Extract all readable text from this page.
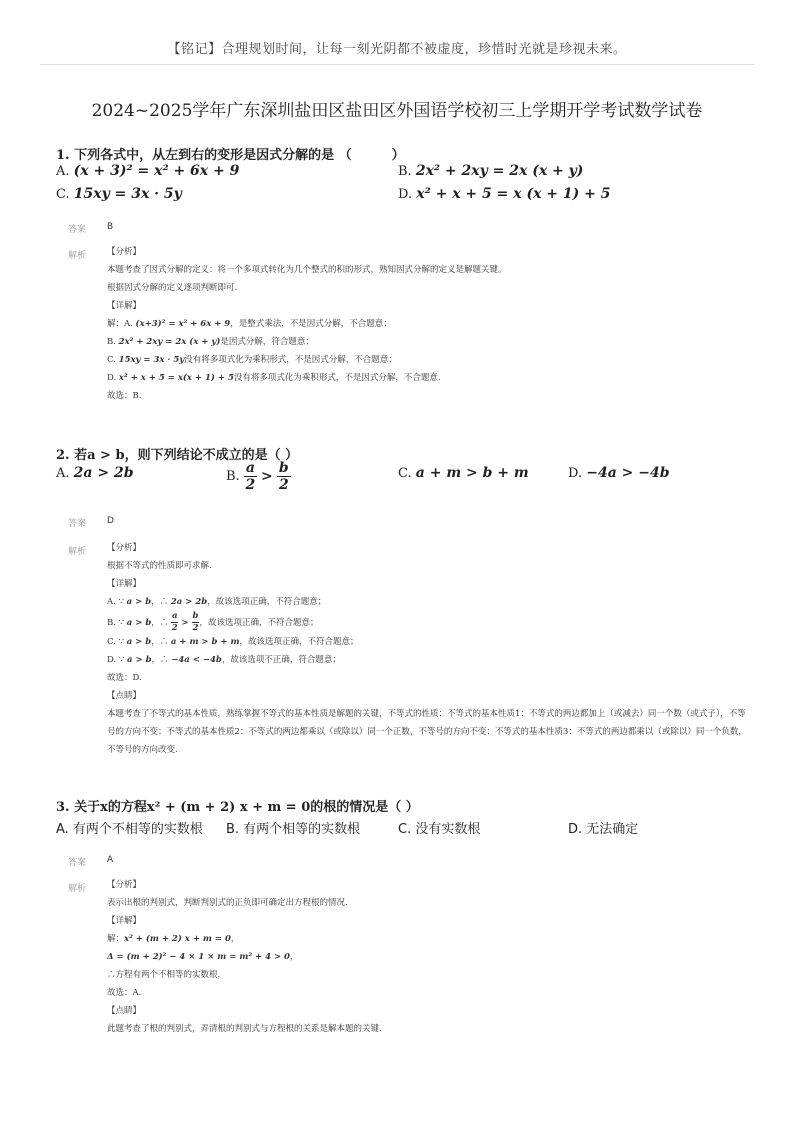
【铭记】合理规划时间，让每一刻光阴都不被虚度，珍惜时光就是珍视未来。
2024~2025学年广东深圳盐田区盐田区外国语学校初三上学期开学考试数学试卷
1. 下列各式中，从左到右的变形是因式分解的是 （	）
A. (x + 3)² = x² + 6x + 9	B. 2x² + 2xy = 2x (x + y)
C. 15xy = 3x · 5y	D. x² + x + 5 = x (x + 1) + 5
答案 B
解析 【分析】
本题考查了因式分解的定义：将一个多项式转化为几个整式的积的形式，熟知因式分解的定义是解题关键。
根据因式分解的定义逐项判断即可.
【详解】
解：A. (x+3)² = x² + 6x + 9，是整式乘法，不是因式分解，不合题意；
B. 2x² + 2xy = 2x (x + y)是因式分解，符合题意；
C. 15xy = 3x · 5y没有将多项式化为乘积形式，不是因式分解，不合题意；
D. x² + x + 5 = x(x + 1) + 5没有将多项式化为乘积形式，不是因式分解，不合题意.
故选：B.
2. 若a > b，则下列结论不成立的是（ ）
A. 2a > 2b	B. $\frac{a}{2} > \frac{b}{2}$	C. a + m > b + m	D. −4a > −4b
答案 D
解析 【分析】
根据不等式的性质即可求解.
【详解】
A. ∵ a > b，∴ 2a > 2b，故该选项正确，不符合题意；
B. ∵ a > b，∴ $\frac{a}{2} > \frac{b}{2}$ ，故该选项正确，不符合题意；
C. ∵ a > b，∴ a + m > b + m，故该选项正确，不符合题意；
D. ∵ a > b，∴ −4a < −4b，故该选项不正确，符合题意；
故选：D.
【点睛】
本题考查了不等式的基本性质，熟练掌握不等式的基本性质是解题的关键，不等式的性质：不等式的基本性质1：不等式的两边都加上（或减去）同一个数（或式子），不等号的方向不变；不等式的基本性质2：不等式的两边都乘以（或除以）同一个正数，不等号的方向不变；不等式的基本性质3：不等式的两边都乘以（或除以）同一个负数，不等号的方向改变.
3. 关于x的方程x² + (m + 2) x + m = 0的根的情况是（ ）
A. 有两个不相等的实数根 B. 有两个相等的实数根	C. 没有实数根	D. 无法确定
答案 A
解析 【分析】
表示出根的判别式，判断判别式的正负即可确定出方程根的情况.
【详解】
解：x² + (m + 2) x + m = 0，
Δ = (m + 2)² − 4 × 1 × m = m² + 4 > 0，
∴方程有两个不相等的实数根，
故选：A.
【点睛】
此题考查了根的判别式，弄清根的判别式与方程根的关系是解本题的关键.
